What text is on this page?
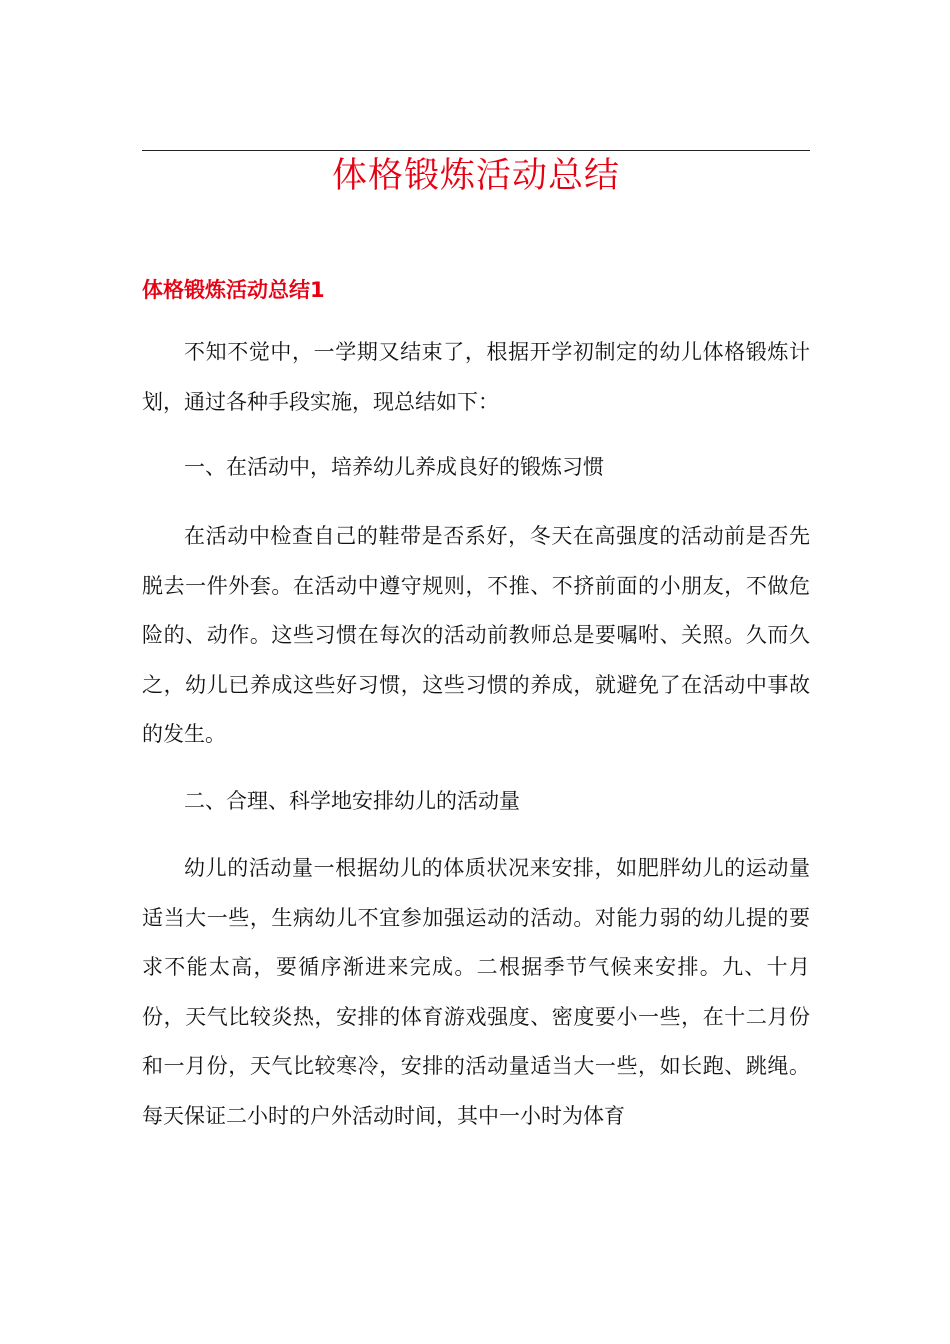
体格锻炼活动总结
体格锻炼活动总结1

不知不觉中，一学期又结束了，根据开学初制定的幼儿体格锻炼计划，通过各种手段实施，现总结如下：

一、在活动中，培养幼儿养成良好的锻炼习惯

在活动中检查自己的鞋带是否系好，冬天在高强度的活动前是否先脱去一件外套。在活动中遵守规则，不推、不挤前面的小朋友，不做危险的、动作。这些习惯在每次的活动前教师总是要嘱咐、关照。久而久之，幼儿已养成这些好习惯，这些习惯的养成，就避免了在活动中事故的发生。

二、合理、科学地安排幼儿的活动量

幼儿的活动量一根据幼儿的体质状况来安排，如肥胖幼儿的运动量适当大一些，生病幼儿不宜参加强运动的活动。对能力弱的幼儿提的要求不能太高，要循序渐进来完成。二根据季节气候来安排。九、十月份，天气比较炎热，安排的体育游戏强度、密度要小一些，在十二月份和一月份，天气比较寒冷，安排的活动量适当大一些，如长跑、跳绳。每天保证二小时的户外活动时间，其中一小时为体育
